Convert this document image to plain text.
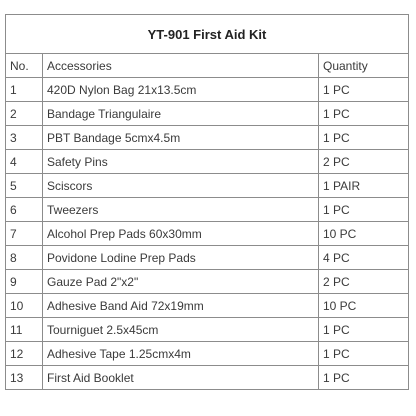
YT-901 First Aid Kit		
No.	Accessories	Quantity
1	420D Nylon Bag 21x13.5cm	1 PC
2	Bandage Triangulaire	1 PC
3	PBT Bandage 5cmx4.5m	1 PC
4	Safety Pins	2 PC
5	Sciscors	1 PAIR
6	Tweezers	1 PC
7	Alcohol Prep Pads 60x30mm	10 PC
8	Povidone Lodine Prep Pads	4 PC
9	Gauze Pad 2"x2"	2 PC
10	Adhesive Band Aid 72x19mm	10 PC
11	Tourniguet 2.5x45cm	1 PC
12	Adhesive Tape 1.25cmx4m	1 PC
13	First Aid Booklet	1 PC
